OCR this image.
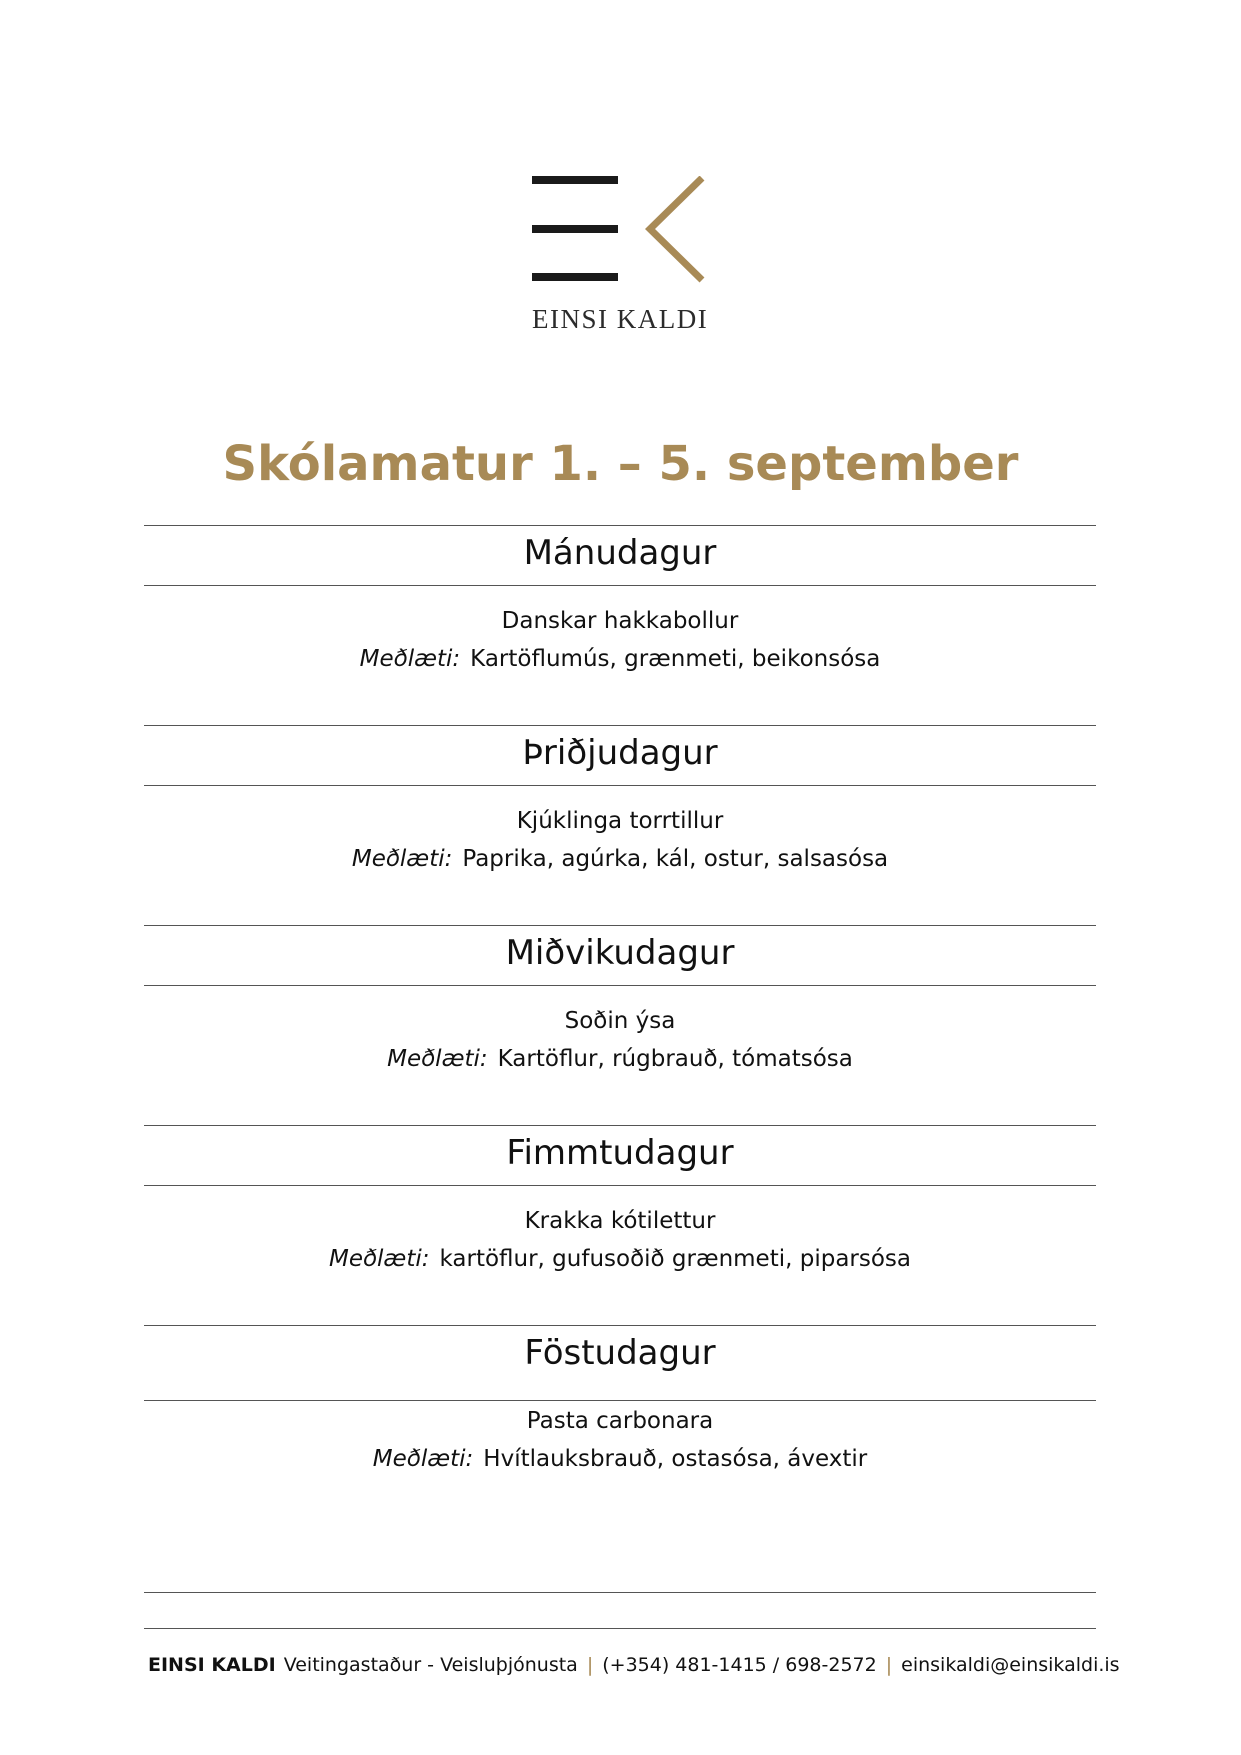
EINSI KALDI
Skólamatur 1. – 5. september
Mánudagur
Danskar hakkabollur
Meðlæti: Kartöflumús, grænmeti, beikonsósa
Þriðjudagur
Kjúklinga torrtillur
Meðlæti: Paprika, agúrka, kál, ostur, salsasósa
Miðvikudagur
Soðin ýsa
Meðlæti: Kartöflur, rúgbrauð, tómatsósa
Fimmtudagur
Krakka kótilettur
Meðlæti: kartöflur, gufusoðið grænmeti, piparsósa
Föstudagur
Pasta carbonara
Meðlæti: Hvítlauksbrauð, ostasósa, ávextir
EINSI KALDI Veitingastaður - Veisluþjónusta | (+354) 481-1415 / 698-2572 | einsikaldi@einsikaldi.is
